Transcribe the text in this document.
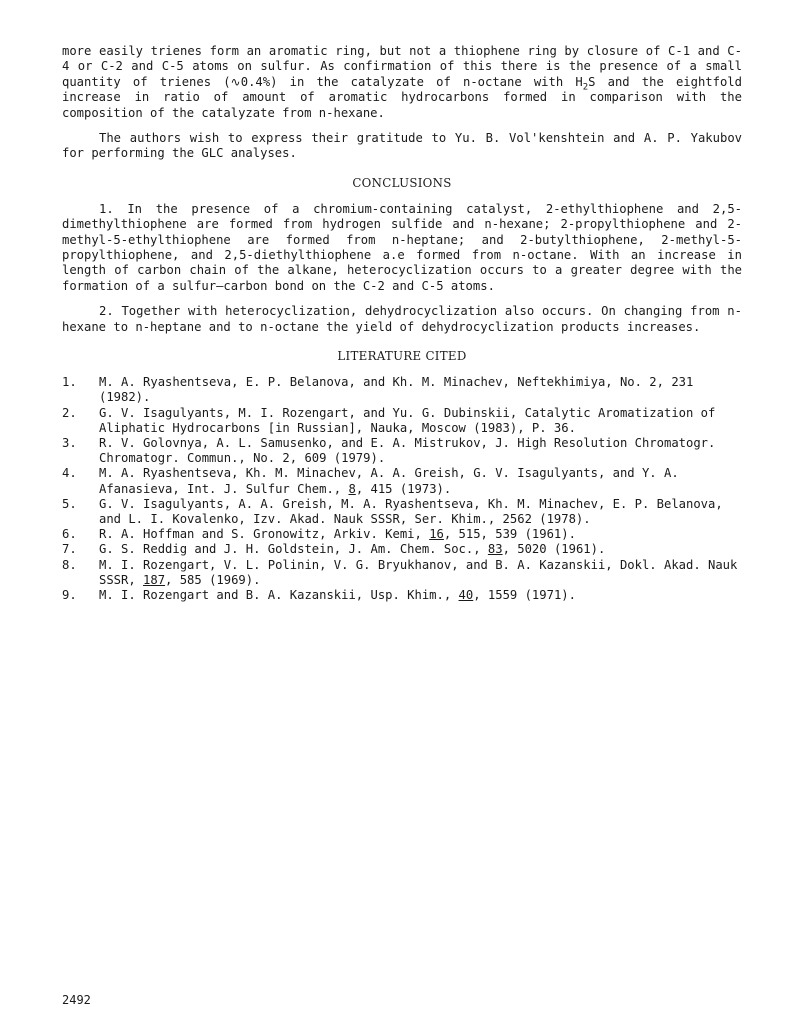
more easily trienes form an aromatic ring, but not a thiophene ring by closure of C-1 and C-4 or C-2 and C-5 atoms on sulfur. As confirmation of this there is the presence of a small quantity of trienes (∿0.4%) in the catalyzate of n-octane with $H_2S$ and the eightfold increase in ratio of amount of aromatic hydrocarbons formed in comparison with the composition of the catalyzate from n-hexane.

The authors wish to express their gratitude to Yu. B. Vol'kenshtein and A. P. Yakubov for performing the GLC analyses.

CONCLUSIONS

1. In the presence of a chromium-containing catalyst, 2-ethylthiophene and 2,5-dimethylthiophene are formed from hydrogen sulfide and n-hexane; 2-propylthiophene and 2-methyl-5-ethylthiophene are formed from n-heptane; and 2-butylthiophene, 2-methyl-5-propylthiophene, and 2,5-diethylthiophene a.e formed from n-octane. With an increase in length of carbon chain of the alkane, heterocyclization occurs to a greater degree with the formation of a sulfur—carbon bond on the C-2 and C-5 atoms.

2. Together with heterocyclization, dehydrocyclization also occurs. On changing from n-hexane to n-heptane and to n-octane the yield of dehydrocyclization products increases.

LITERATURE CITED
1. M. A. Ryashentseva, E. P. Belanova, and Kh. M. Minachev, Neftekhimiya, No. 2, 231 (1982).
2. G. V. Isagulyants, M. I. Rozengart, and Yu. G. Dubinskii, Catalytic Aromatization of Aliphatic Hydrocarbons [in Russian], Nauka, Moscow (1983), P. 36.
3. R. V. Golovnya, A. L. Samusenko, and E. A. Mistrukov, J. High Resolution Chromatogr. Chromatogr. Commun., No. 2, 609 (1979).
4. M. A. Ryashentseva, Kh. M. Minachev, A. A. Greish, G. V. Isagulyants, and Y. A. Afanasieva, Int. J. Sulfur Chem., 8, 415 (1973).
5. G. V. Isagulyants, A. A. Greish, M. A. Ryashentseva, Kh. M. Minachev, E. P. Belanova, and L. I. Kovalenko, Izv. Akad. Nauk SSSR, Ser. Khim., 2562 (1978).
6. R. A. Hoffman and S. Gronowitz, Arkiv. Kemi, 16, 515, 539 (1961).
7. G. S. Reddig and J. H. Goldstein, J. Am. Chem. Soc., 83, 5020 (1961).
8. M. I. Rozengart, V. L. Polinin, V. G. Bryukhanov, and B. A. Kazanskii, Dokl. Akad. Nauk SSSR, 187, 585 (1969).
9. M. I. Rozengart and B. A. Kazanskii, Usp. Khim., 40, 1559 (1971).
2492
